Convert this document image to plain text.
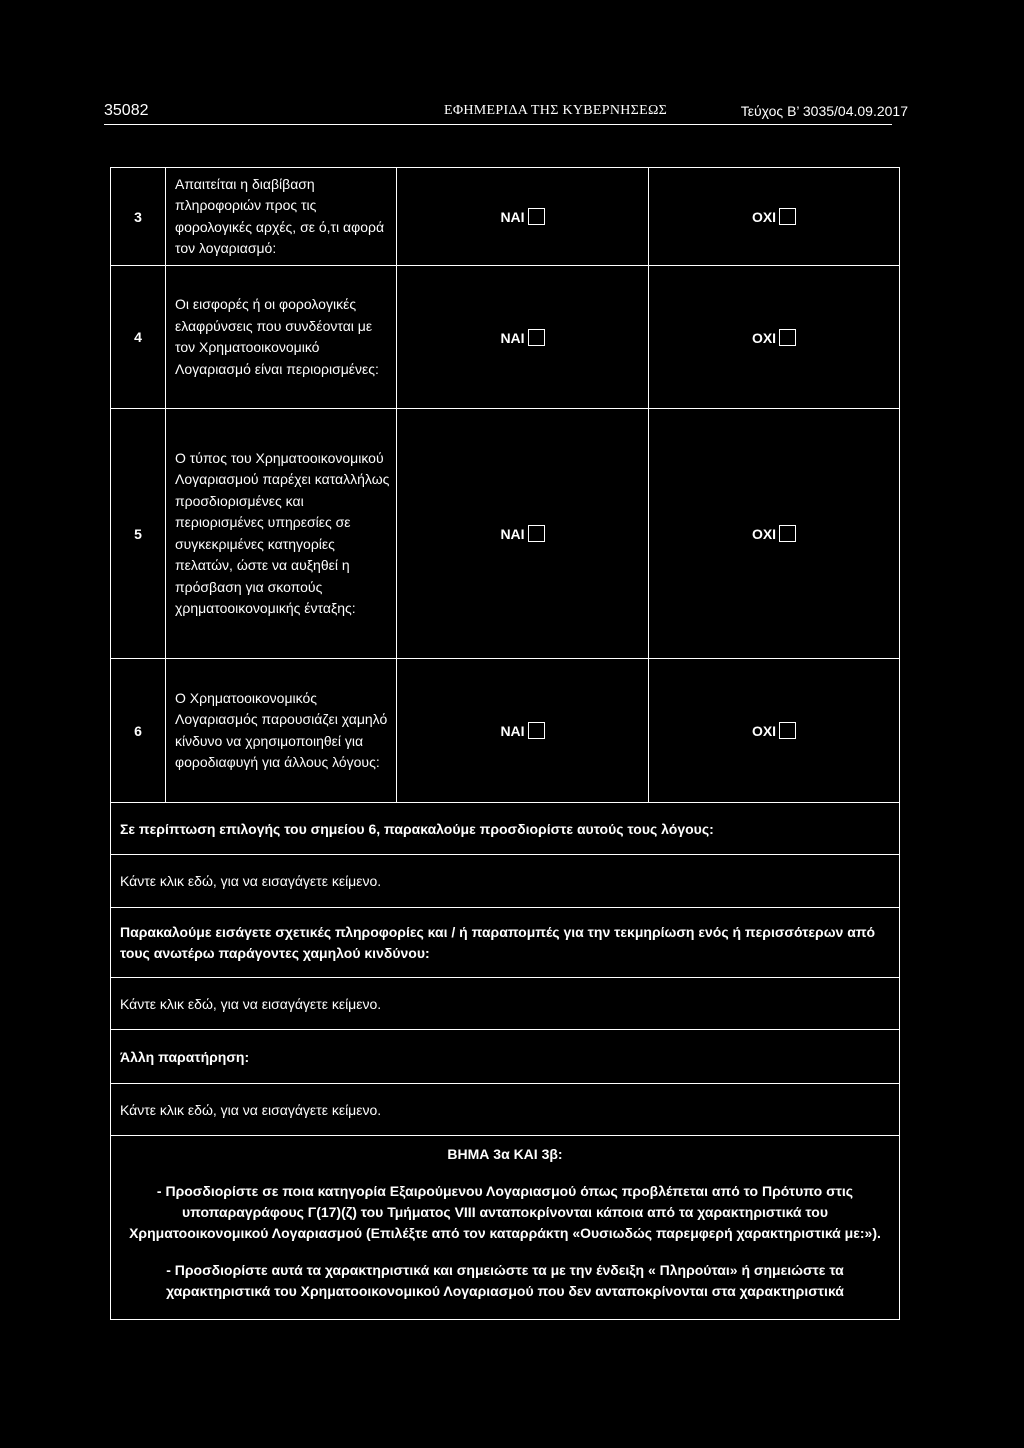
35082	ΕΦΗΜΕΡΙΔΑ ΤΗΣ ΚΥΒΕΡΝΗΣΕΩΣ	Τεύχος Β’ 3035/04.09.2017
3	Απαιτείται η διαβίβαση πληροφοριών προς τις φορολογικές αρχές, σε ό,τι αφορά τον λογαριασμό:	ΝΑΙ	ΟΧΙ
4	Οι εισφορές ή οι φορολογικές ελαφρύνσεις που συνδέονται με τον Χρηματοοικονομικό Λογαριασμό είναι περιορισμένες:	ΝΑΙ	ΟΧΙ
5	Ο τύπος του Χρηματοοικονομικού Λογαριασμού παρέχει καταλλήλως προσδιορισμένες και περιορισμένες υπηρεσίες σε συγκεκριμένες κατηγορίες πελατών, ώστε να αυξηθεί η πρόσβαση για σκοπούς χρηματοοικονομικής ένταξης:	ΝΑΙ	ΟΧΙ
6	Ο Χρηματοοικονομικός Λογαριασμός παρουσιάζει χαμηλό κίνδυνο να χρησιμοποιηθεί για φοροδιαφυγή για άλλους λόγους:	ΝΑΙ	ΟΧΙ
Σε περίπτωση επιλογής του σημείου 6, παρακαλούμε προσδιορίστε αυτούς τους λόγους:			
Κάντε κλικ εδώ, για να εισαγάγετε κείμενο.			
Παρακαλούμε εισάγετε σχετικές πληροφορίες και / ή παραπομπές για την τεκμηρίωση ενός ή περισσότερων από τους ανωτέρω παράγοντες χαμηλού κινδύνου:			
Κάντε κλικ εδώ, για να εισαγάγετε κείμενο.			
Άλλη παρατήρηση:			
Κάντε κλικ εδώ, για να εισαγάγετε κείμενο.			

ΒΗΜΑ 3α ΚΑΙ 3β:

- Προσδιορίστε σε ποια κατηγορία Εξαιρούμενου Λογαριασμού όπως προβλέπεται από το Πρότυπο στις υποπαραγράφους Γ(17)(ζ) του Τμήματος VIII ανταποκρίνονται κάποια από τα χαρακτηριστικά του Χρηματοοικονομικού Λογαριασμού (Επιλέξτε από τον καταρράκτη «Ουσιωδώς παρεμφερή χαρακτηριστικά με:»).

- Προσδιορίστε αυτά τα χαρακτηριστικά και σημειώστε τα με την ένδειξη « Πληρούται» ή σημειώστε τα χαρακτηριστικά του Χρηματοοικονομικού Λογαριασμού που δεν ανταποκρίνονται στα χαρακτηριστικά			
